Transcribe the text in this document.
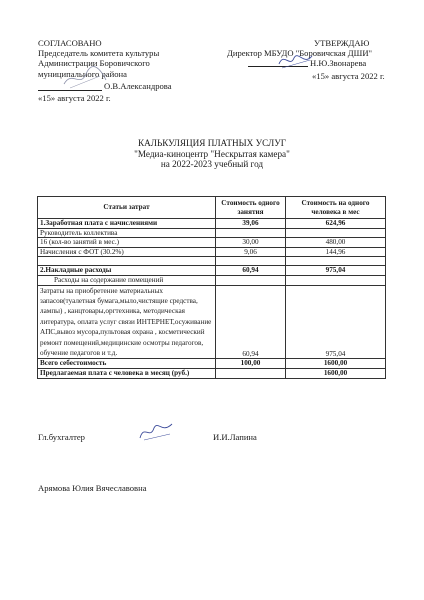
СОГЛАСОВАНО
Председатель комитета культуры
Администрации Боровичского
муниципального района
О.В.Александрова
«15» августа 2022 г.
УТВЕРЖДАЮ
Директор МБУДО "Боровичская ДШИ"
Н.Ю.Звонарева
«15» августа 2022 г.
КАЛЬКУЛЯЦИЯ ПЛАТНЫХ УСЛУГ
"Медиа-киноцентр "Нескрытая камера"
на 2022-2023 учебный год
Статьи затрат	Стоимость одного занятия	Стоимость на одного человека в мес
1.Заработная плата с начислениями	39,06	624,96
Руководитель коллектива		
16 (кол-во занятий в мес.)	30,00	480,00
Начисления с ФОТ (30.2%)	9,06	144,96

2.Накладные расходы	60,94	975,04
Расходы на содержание помещений		
Затраты на приобретение материальных запасов(туалетная бумага,мыло,чистящие средства, лампы) , канцтовары,оргтехника, методическая литература, оплата услуг связи ИНТЕРНЕТ,осуживание АПС,вывоз мусора,пультовая охрана , косметический ремонт помещений,медицинские осмотры педагогов, обучение педагогов и т.д.	60,94	975,04
Всего себестоимость	100,00	1600,00
Предлагаемая плата с человека в месяц (руб.)		1600,00
Гл.бухгалтер	И.И.Лапина
Арямова Юлия Вячеславовна
